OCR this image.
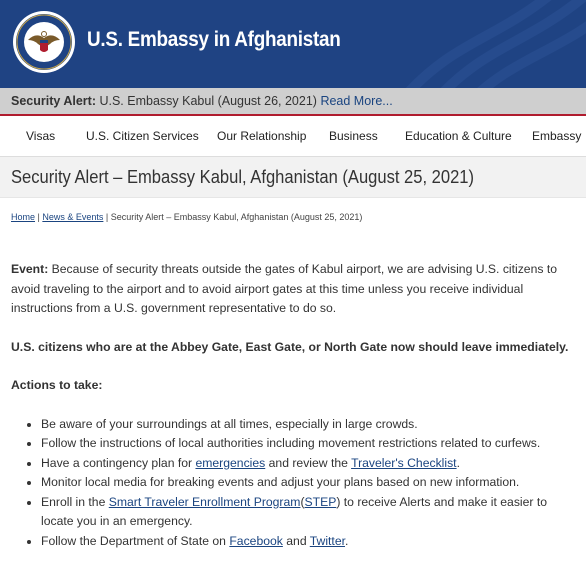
U.S. Embassy in Afghanistan
Security Alert: U.S. Embassy Kabul (August 26, 2021) Read More...
Visas	U.S. Citizen Services Our Relationship Business Education & Culture Embassy
Security Alert – Embassy Kabul, Afghanistan (August 25, 2021)
Home | News & Events | Security Alert – Embassy Kabul, Afghanistan (August 25, 2021)

Event: Because of security threats outside the gates of Kabul airport, we are advising U.S. citizens to avoid traveling to the airport and to avoid airport gates at this time unless you receive individual instructions from a U.S. government representative to do so.

U.S. citizens who are at the Abbey Gate, East Gate, or North Gate now should leave immediately.

Actions to take:

• Be aware of your surroundings at all times, especially in large crowds.
• Follow the instructions of local authorities including movement restrictions related to curfews.
• Have a contingency plan for emergencies and review the Traveler's Checklist.
• Monitor local media for breaking events and adjust your plans based on new information.
• Enroll in the Smart Traveler Enrollment Program(STEP) to receive Alerts and make it easier to locate you in an emergency.
• Follow the Department of State on Facebook and Twitter.
